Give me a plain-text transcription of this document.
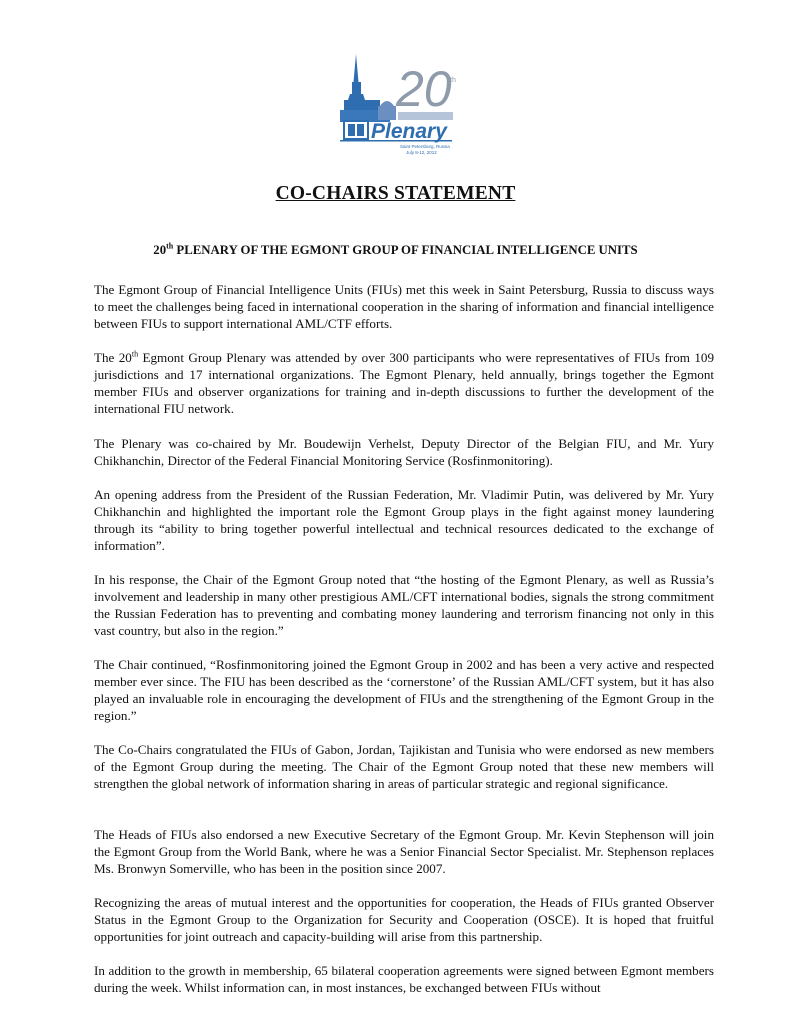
20
th
Plenary
Saint Petersburg, Russia
July 8-12, 2012
CO-CHAIRS STATEMENT
20th PLENARY OF THE EGMONT GROUP OF FINANCIAL INTELLIGENCE UNITS

The Egmont Group of Financial Intelligence Units (FIUs) met this week in Saint Petersburg, Russia to discuss ways to meet the challenges being faced in international cooperation in the sharing of information and financial intelligence between FIUs to support international AML/CTF efforts.

The 20th Egmont Group Plenary was attended by over 300 participants who were representatives of FIUs from 109 jurisdictions and 17 international organizations. The Egmont Plenary, held annually, brings together the Egmont member FIUs and observer organizations for training and in-depth discussions to further the development of the international FIU network.

The Plenary was co-chaired by Mr. Boudewijn Verhelst, Deputy Director of the Belgian FIU, and Mr. Yury Chikhanchin, Director of the Federal Financial Monitoring Service (Rosfinmonitoring).

An opening address from the President of the Russian Federation, Mr. Vladimir Putin, was delivered by Mr. Yury Chikhanchin and highlighted the important role the Egmont Group plays in the fight against money laundering through its “ability to bring together powerful intellectual and technical resources dedicated to the exchange of information”.

In his response, the Chair of the Egmont Group noted that “the hosting of the Egmont Plenary, as well as Russia’s involvement and leadership in many other prestigious AML/CFT international bodies, signals the strong commitment the Russian Federation has to preventing and combating money laundering and terrorism financing not only in this vast country, but also in the region.”

The Chair continued, “Rosfinmonitoring joined the Egmont Group in 2002 and has been a very active and respected member ever since. The FIU has been described as the ‘cornerstone’ of the Russian AML/CFT system, but it has also played an invaluable role in encouraging the development of FIUs and the strengthening of the Egmont Group in the region.”

The Co-Chairs congratulated the FIUs of Gabon, Jordan, Tajikistan and Tunisia who were endorsed as new members of the Egmont Group during the meeting. The Chair of the Egmont Group noted that these new members will strengthen the global network of information sharing in areas of particular strategic and regional significance.

The Heads of FIUs also endorsed a new Executive Secretary of the Egmont Group. Mr. Kevin Stephenson will join the Egmont Group from the World Bank, where he was a Senior Financial Sector Specialist. Mr. Stephenson replaces Ms. Bronwyn Somerville, who has been in the position since 2007.

Recognizing the areas of mutual interest and the opportunities for cooperation, the Heads of FIUs granted Observer Status in the Egmont Group to the Organization for Security and Cooperation (OSCE). It is hoped that fruitful opportunities for joint outreach and capacity-building will arise from this partnership.

In addition to the growth in membership, 65 bilateral cooperation agreements were signed between Egmont members during the week. Whilst information can, in most instances, be exchanged between FIUs without
